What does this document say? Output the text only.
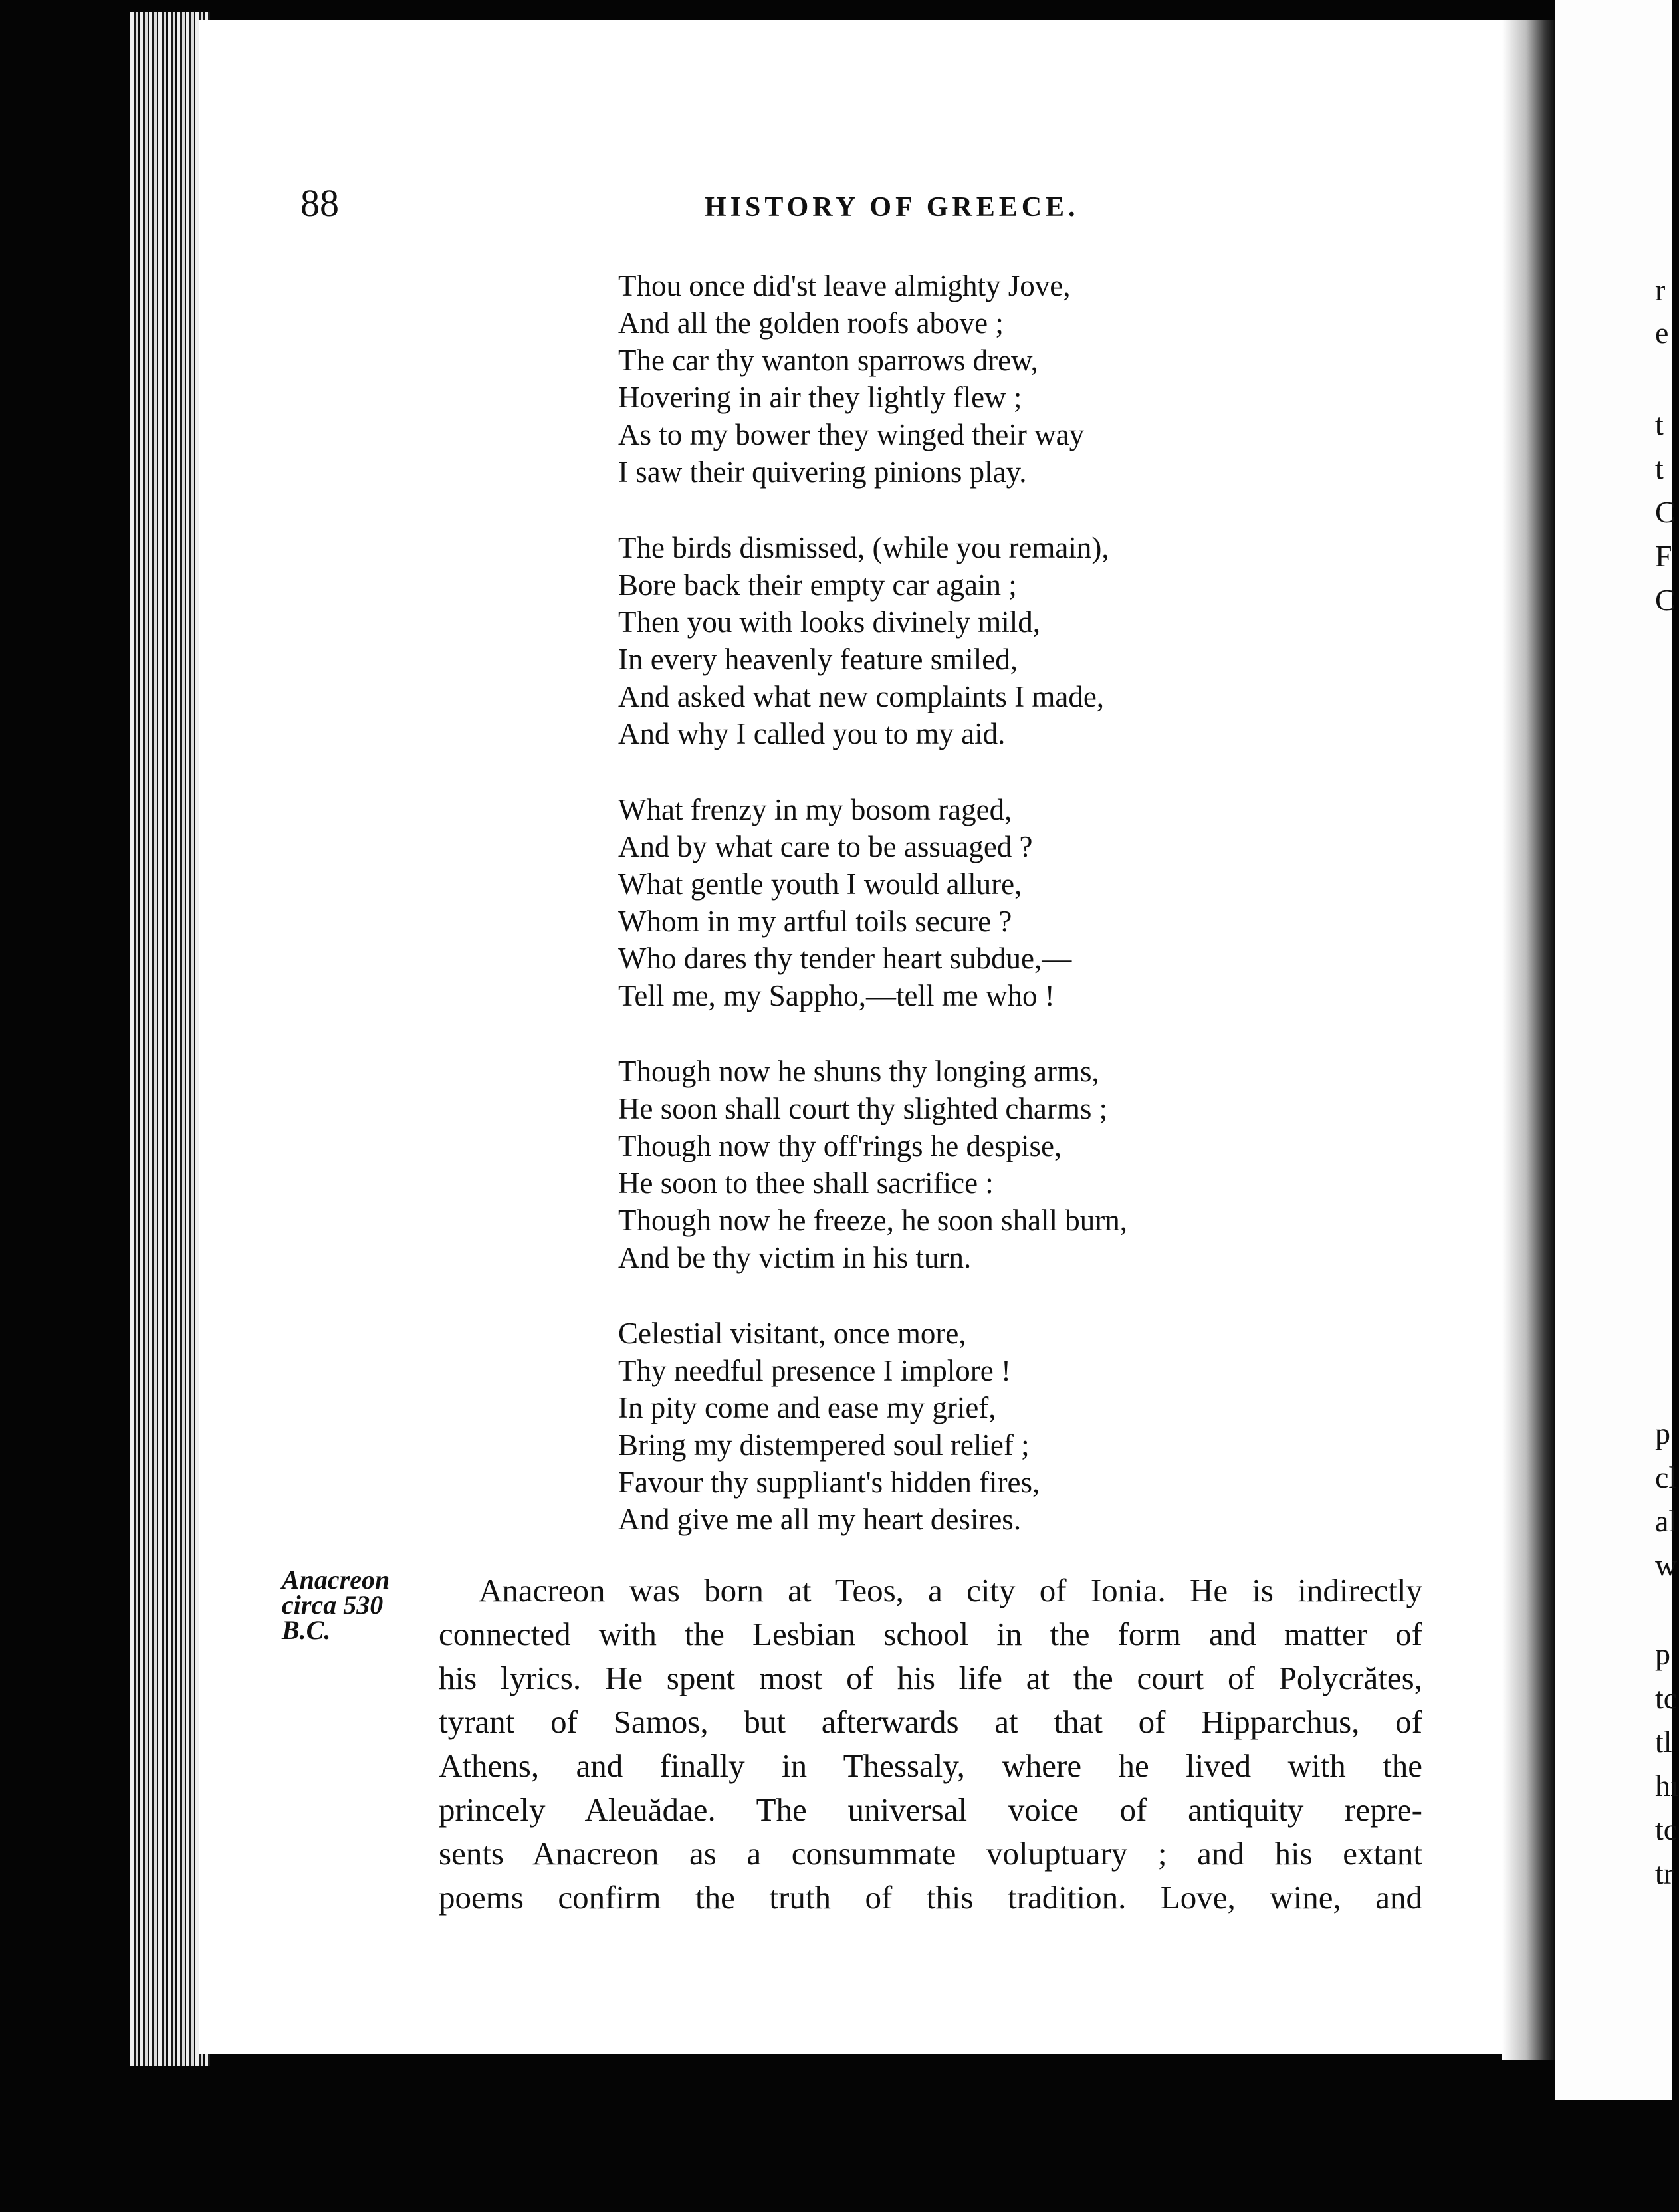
88	HISTORY OF GREECE.
Thou once did'st leave almighty Jove,
And all the golden roofs above ;
The car thy wanton sparrows drew,
Hovering in air they lightly flew ;
As to my bower they winged their way
I saw their quivering pinions play.
The birds dismissed, (while you remain),
Bore back their empty car again ;
Then you with looks divinely mild,
In every heavenly feature smiled,
And asked what new complaints I made,
And why I called you to my aid.
What frenzy in my bosom raged,
And by what care to be assuaged ?
What gentle youth I would allure,
Whom in my artful toils secure ?
Who dares thy tender heart subdue,—
Tell me, my Sappho,—tell me who !
Though now he shuns thy longing arms,
He soon shall court thy slighted charms ;
Though now thy off'rings he despise,
He soon to thee shall sacrifice :
Though now he freeze, he soon shall burn,
And be thy victim in his turn.
Celestial visitant, once more,
Thy needful presence I implore !
In pity come and ease my grief,
Bring my distempered soul relief ;
Favour thy suppliant's hidden fires,
And give me all my heart desires.
Anacreon
circa 530
B.C.
Anacreon was born at Teos, a city of Ionia. He is indirectly
connected with the Lesbian school in the form and matter of
his lyrics. He spent most of his life at the court of Polycrătes,
tyrant of Samos, but afterwards at that of Hipparchus, of
Athens, and finally in Thessaly, where he lived with the
princely Aleuădae. The universal voice of antiquity repre-
sents Anacreon as a consummate voluptuary ; and his extant
poems confirm the truth of this tradition. Love, wine, and
r
e
t
t
C
F
C
p
cl
al
w
p
tc
tl
hı
tc
tr
